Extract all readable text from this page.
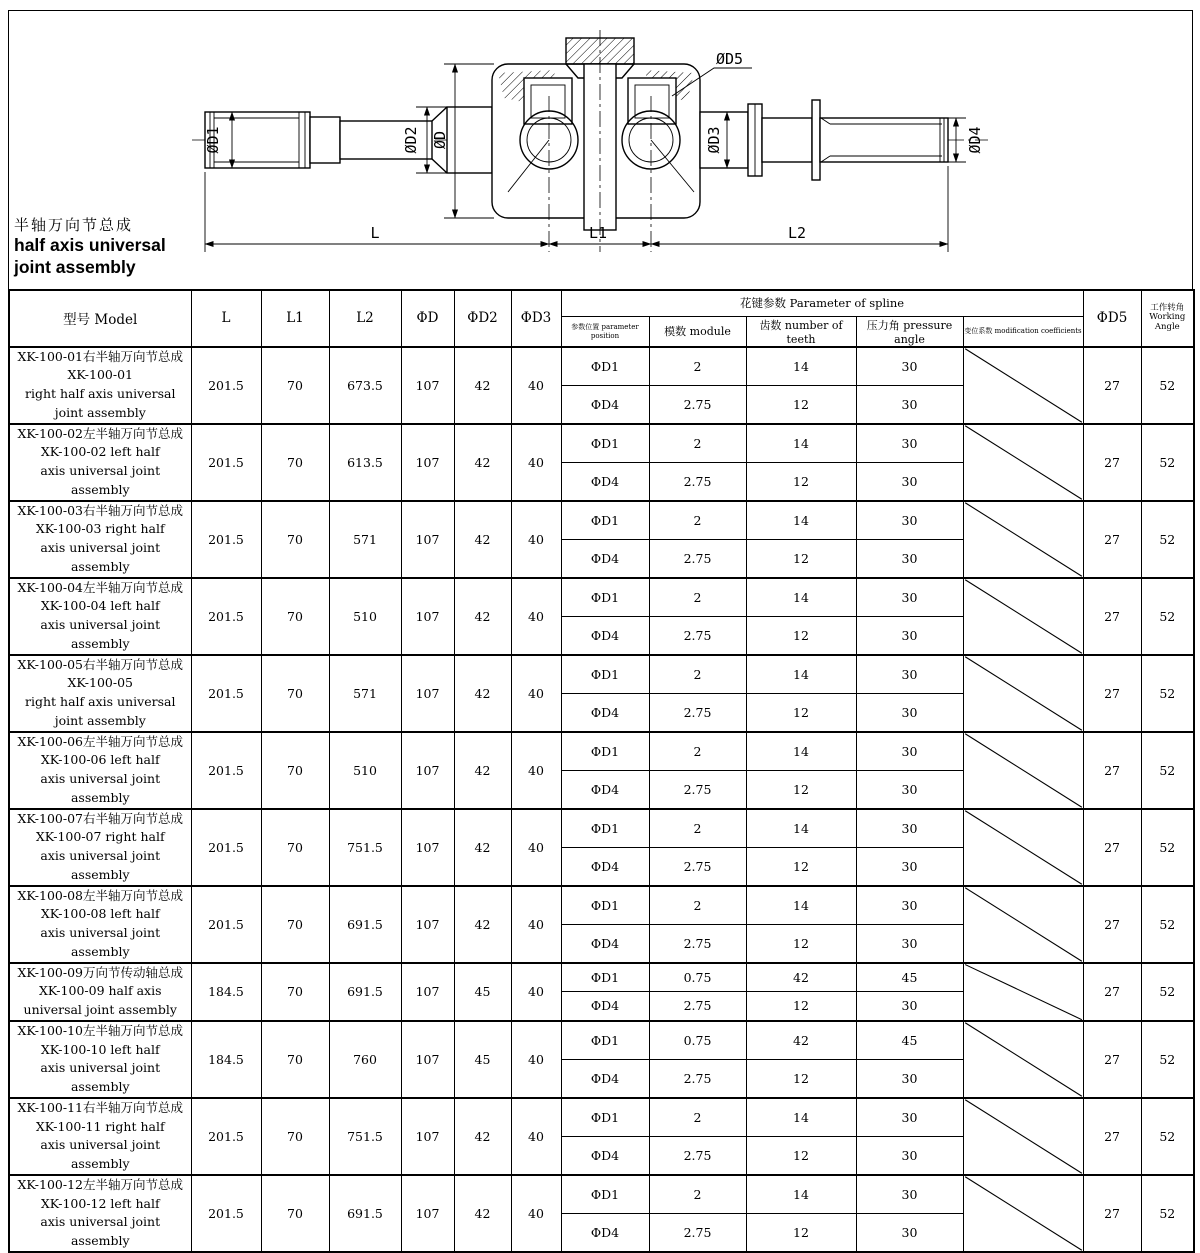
ØD1	ØD2 ØD	ØD3	ØD4
ØD5
L	L1	L2
半轴万向节总成
half axis universal
joint assembly
型号 Model	L	L1	L2	ΦD	ΦD2	ΦD3	花键参数 Parameter of spline					ΦD5	工作转角
Working Angle

							参数位置 parameter position	模数 module	齿数 number of teeth	压力角 pressure angle	变位系数 modification coefficients		

XK-100-01右半轴万向节总成 XK-100-01
right half axis universal joint assembly	201.5	70	673.5	107	42	40	ΦD1	2	14	30		27	52
							ΦD4	2.75	12	30			

XK-100-02左半轴万向节总成 XK-100-02 left half
axis universal joint assembly	201.5	70	613.5	107	42	40	ΦD1	2	14	30		27	52
							ΦD4	2.75	12	30			

XK-100-03右半轴万向节总成 XK-100-03 right half
axis universal joint assembly	201.5	70	571	107	42	40	ΦD1	2	14	30		27	52
							ΦD4	2.75	12	30			

XK-100-04左半轴万向节总成 XK-100-04 left half
axis universal joint assembly	201.5	70	510	107	42	40	ΦD1	2	14	30		27	52
							ΦD4	2.75	12	30			

XK-100-05右半轴万向节总成 XK-100-05
right half axis universal joint assembly	201.5	70	571	107	42	40	ΦD1	2	14	30		27	52
							ΦD4	2.75	12	30			

XK-100-06左半轴万向节总成 XK-100-06 left half
axis universal joint assembly	201.5	70	510	107	42	40	ΦD1	2	14	30		27	52
							ΦD4	2.75	12	30			

XK-100-07右半轴万向节总成 XK-100-07 right half
axis universal joint assembly	201.5	70	751.5	107	42	40	ΦD1	2	14	30		27	52
							ΦD4	2.75	12	30			

XK-100-08左半轴万向节总成 XK-100-08 left half
axis universal joint assembly	201.5	70	691.5	107	42	40	ΦD1	2	14	30		27	52
							ΦD4	2.75	12	30			

XK-100-09万向节传动轴总成 XK-100-09 half axis
universal joint assembly	184.5	70	691.5	107	45	40	ΦD1	0.75	42	45		27	52
							ΦD4	2.75	12	30			

XK-100-10左半轴万向节总成 XK-100-10 left half
axis universal joint assembly	184.5	70	760	107	45	40	ΦD1	0.75	42	45		27	52
							ΦD4	2.75	12	30			

XK-100-11右半轴万向节总成 XK-100-11 right half
axis universal joint assembly	201.5	70	751.5	107	42	40	ΦD1	2	14	30		27	52
							ΦD4	2.75	12	30			

XK-100-12左半轴万向节总成 XK-100-12 left half
axis universal joint assembly	201.5	70	691.5	107	42	40	ΦD1	2	14	30		27	52
							ΦD4	2.75	12	30			
